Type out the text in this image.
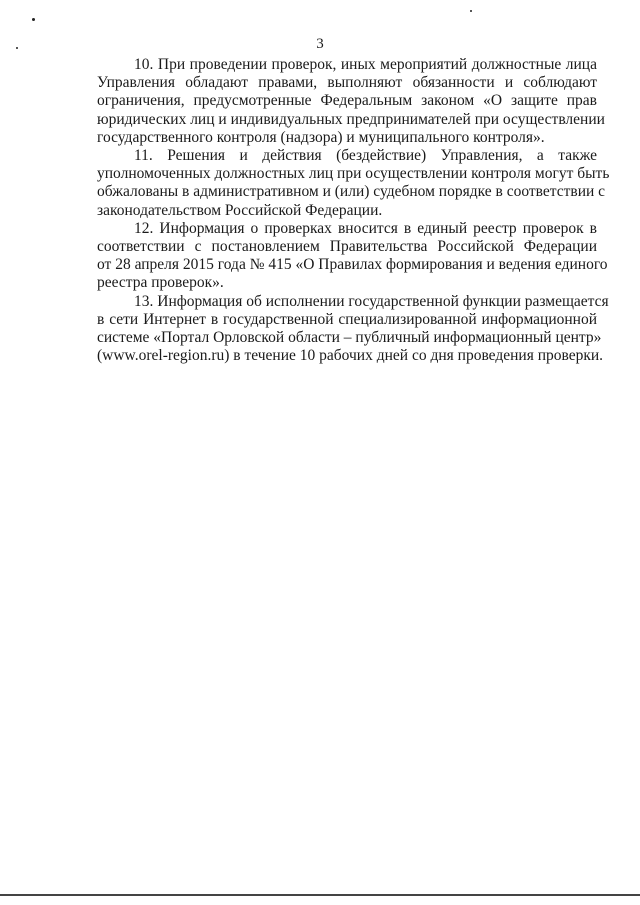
3
10. При проведении проверок, иных мероприятий должностные лица
Управления обладают правами, выполняют обязанности и соблюдают
ограничения, предусмотренные Федеральным законом «О защите прав
юридических лиц и индивидуальных предпринимателей при осуществлении
государственного контроля (надзора) и муниципального контроля».
11. Решения и действия (бездействие) Управления, а также
уполномоченных должностных лиц при осуществлении контроля могут быть
обжалованы в административном и (или) судебном порядке в соответствии с
законодательством Российской Федерации.
12. Информация о проверках вносится в единый реестр проверок в
соответствии с постановлением Правительства Российской Федерации
от 28 апреля 2015 года № 415 «О Правилах формирования и ведения единого
реестра проверок».
13. Информация об исполнении государственной функции размещается
в сети Интернет в государственной специализированной информационной
системе «Портал Орловской области – публичный информационный центр»
(www.orel-region.ru) в течение 10 рабочих дней со дня проведения проверки.
